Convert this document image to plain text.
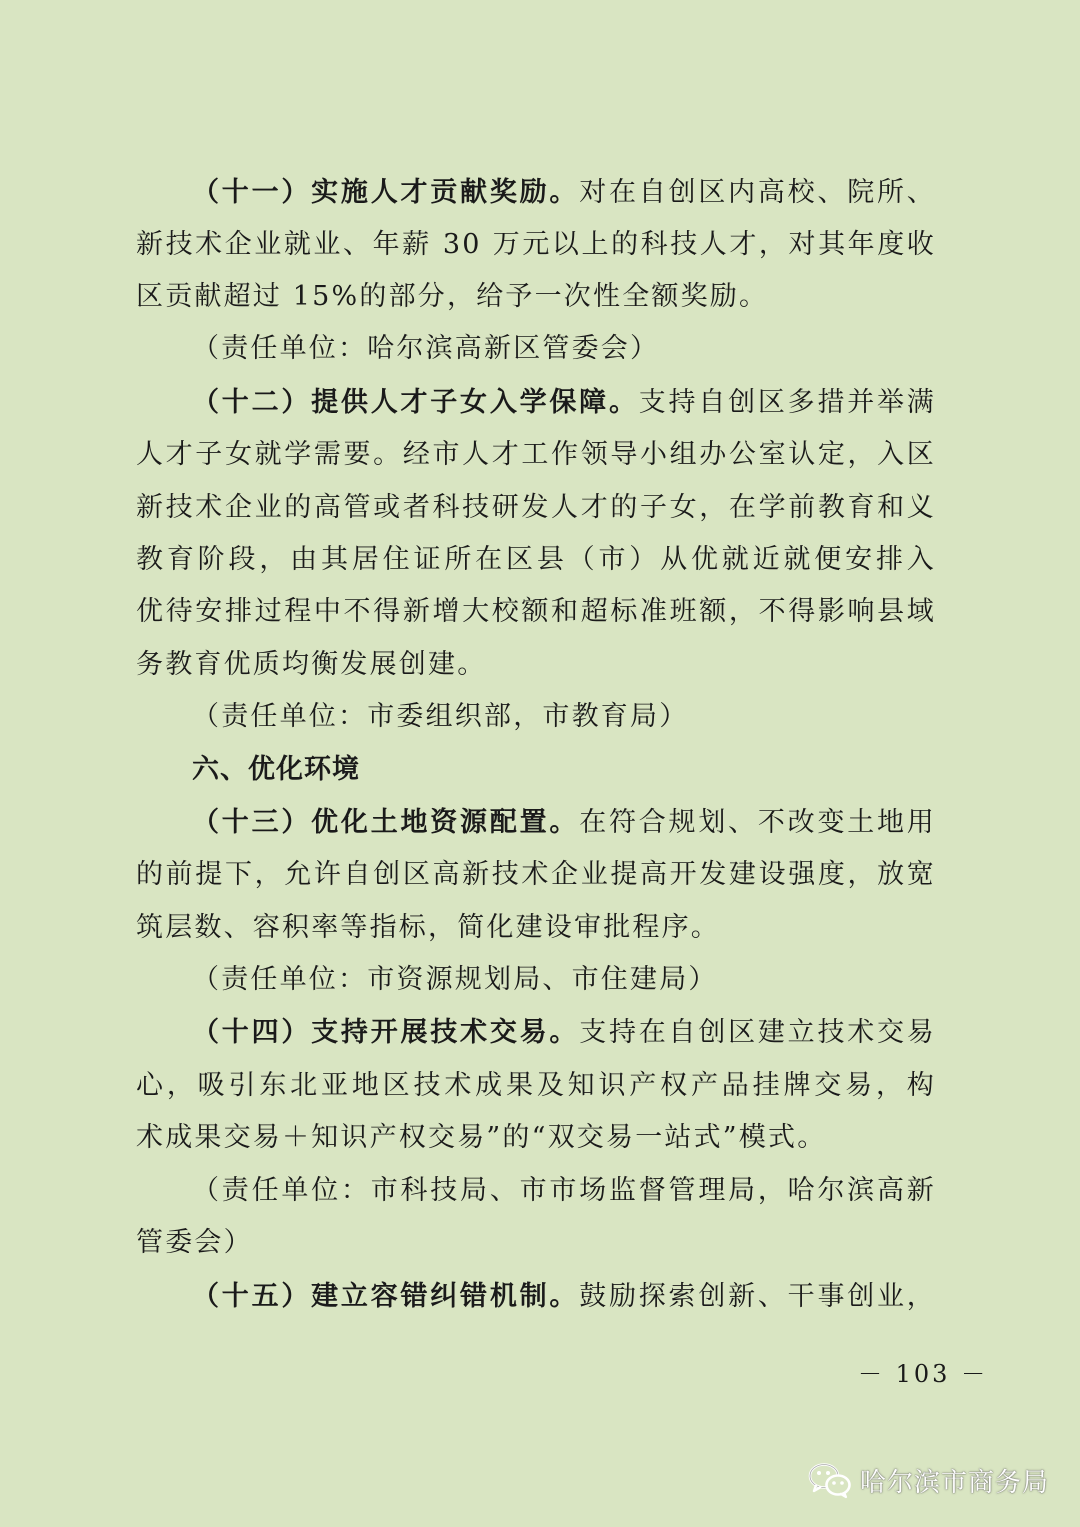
（十一）实施人才贡献奖励。对在自创区内高校、院所、
新技术企业就业、年薪 30 万元以上的科技人才，对其年度收
区贡献超过 15%的部分，给予一次性全额奖励。
（责任单位：哈尔滨高新区管委会）
（十二）提供人才子女入学保障。支持自创区多措并举满
人才子女就学需要。经市人才工作领导小组办公室认定，入区
新技术企业的高管或者科技研发人才的子女，在学前教育和义
教育阶段，由其居住证所在区县（市）从优就近就便安排入
优待安排过程中不得新增大校额和超标准班额，不得影响县域
务教育优质均衡发展创建。
（责任单位：市委组织部，市教育局）
六、优化环境
（十三）优化土地资源配置。在符合规划、不改变土地用
的前提下，允许自创区高新技术企业提高开发建设强度，放宽
筑层数、容积率等指标，简化建设审批程序。
（责任单位：市资源规划局、市住建局）
（十四）支持开展技术交易。支持在自创区建立技术交易
心，吸引东北亚地区技术成果及知识产权产品挂牌交易，构
术成果交易＋知识产权交易”的“双交易一站式”模式。
（责任单位：市科技局、市市场监督管理局，哈尔滨高新
管委会）
（十五）建立容错纠错机制。鼓励探索创新、干事创业，
－ 103 －
哈尔滨市商务局
